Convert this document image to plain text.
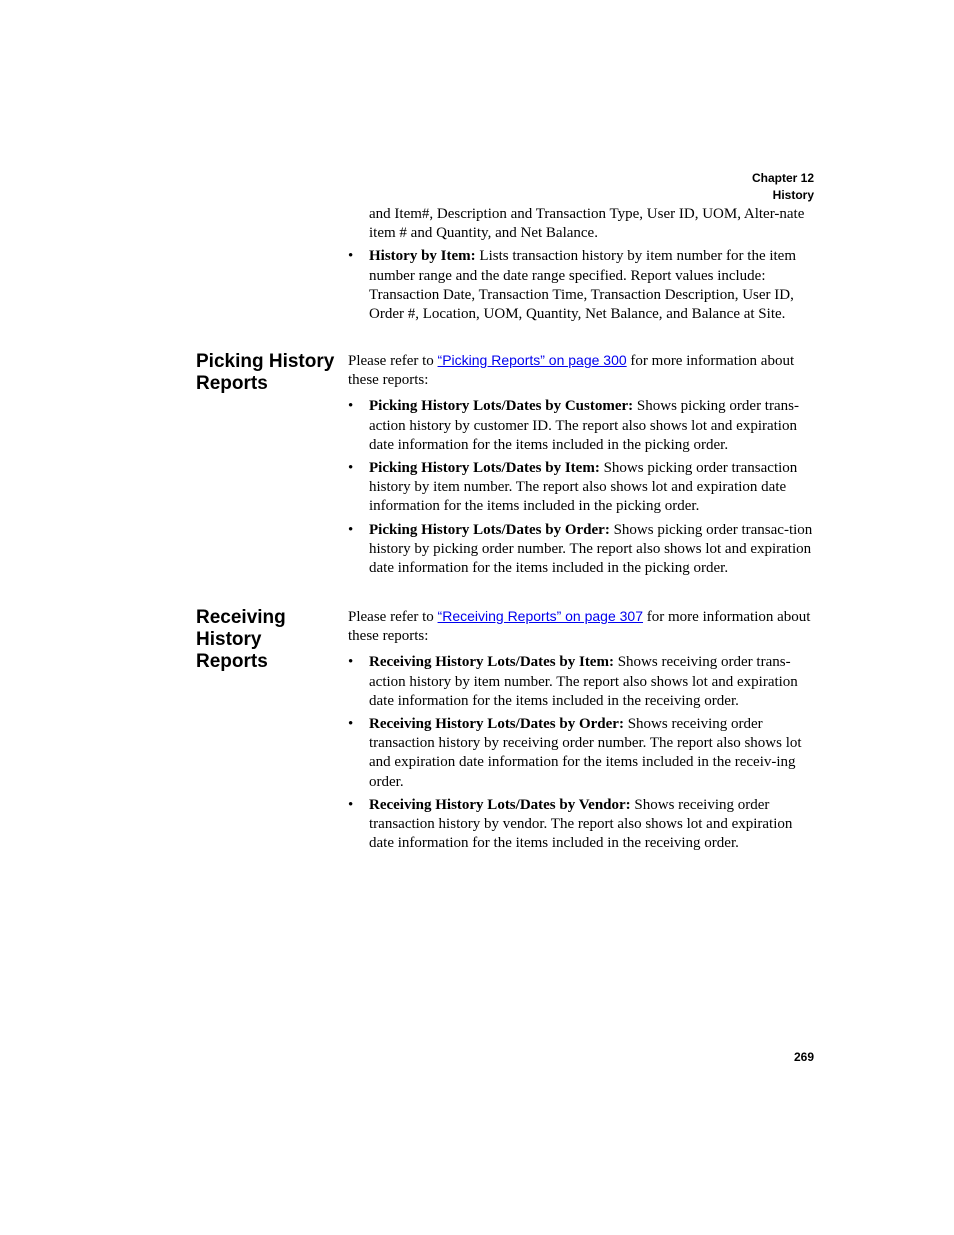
Chapter 12
History
and Item#, Description and Transaction Type, User ID, UOM, Alter-nate item # and Quantity, and Net Balance.
•	History by Item: Lists transaction history by item number for the item number range and the date range specified. Report values include: Transaction Date, Transaction Time, Transaction Description, User ID, Order #, Location, UOM, Quantity, Net Balance, and Balance at Site.
Picking History Reports

Please refer to “Picking Reports” on page 300 for more information about these reports:

•	Picking History Lots/Dates by Customer: Shows picking order trans-action history by customer ID. The report also shows lot and expiration date information for the items included in the picking order.
•	Picking History Lots/Dates by Item: Shows picking order transaction history by item number. The report also shows lot and expiration date information for the items included in the picking order.
•	Picking History Lots/Dates by Order: Shows picking order transac-tion history by picking order number. The report also shows lot and expiration date information for the items included in the picking order.
Receiving History Reports

Please refer to “Receiving Reports” on page 307 for more information about these reports:

•	Receiving History Lots/Dates by Item: Shows receiving order trans-action history by item number. The report also shows lot and expiration date information for the items included in the receiving order.
•	Receiving History Lots/Dates by Order: Shows receiving order transaction history by receiving order number. The report also shows lot and expiration date information for the items included in the receiv-ing order.
•	Receiving History Lots/Dates by Vendor: Shows receiving order transaction history by vendor. The report also shows lot and expiration date information for the items included in the receiving order.
269
